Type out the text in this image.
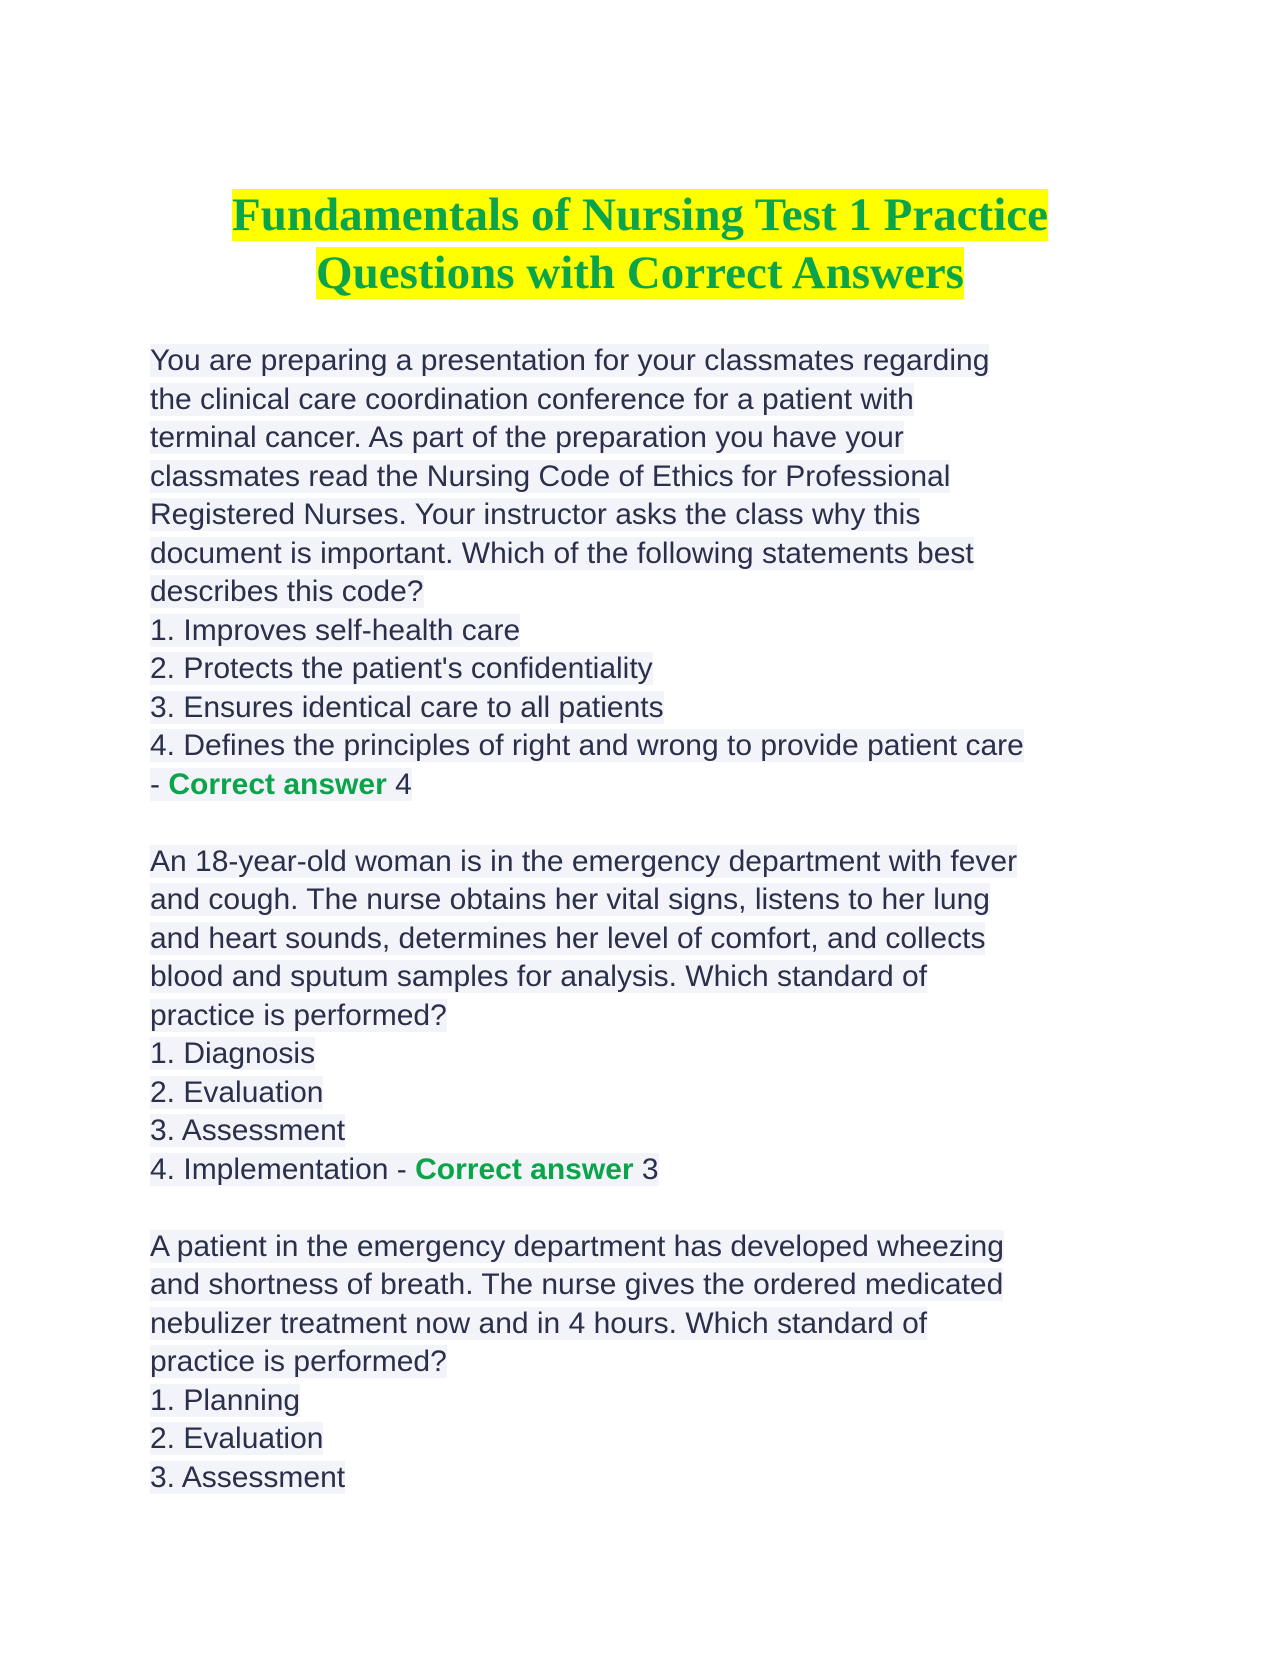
Fundamentals of Nursing Test 1 Practice
Questions with Correct Answers
You are preparing a presentation for your classmates regarding
the clinical care coordination conference for a patient with
terminal cancer. As part of the preparation you have your
classmates read the Nursing Code of Ethics for Professional
Registered Nurses. Your instructor asks the class why this
document is important. Which of the following statements best
describes this code?
1. Improves self-health care
2. Protects the patient's confidentiality
3. Ensures identical care to all patients
4. Defines the principles of right and wrong to provide patient care
- Correct answer 4
An 18-year-old woman is in the emergency department with fever
and cough. The nurse obtains her vital signs, listens to her lung
and heart sounds, determines her level of comfort, and collects
blood and sputum samples for analysis. Which standard of
practice is performed?
1. Diagnosis
2. Evaluation
3. Assessment
4. Implementation - Correct answer 3
A patient in the emergency department has developed wheezing
and shortness of breath. The nurse gives the ordered medicated
nebulizer treatment now and in 4 hours. Which standard of
practice is performed?
1. Planning
2. Evaluation
3. Assessment
